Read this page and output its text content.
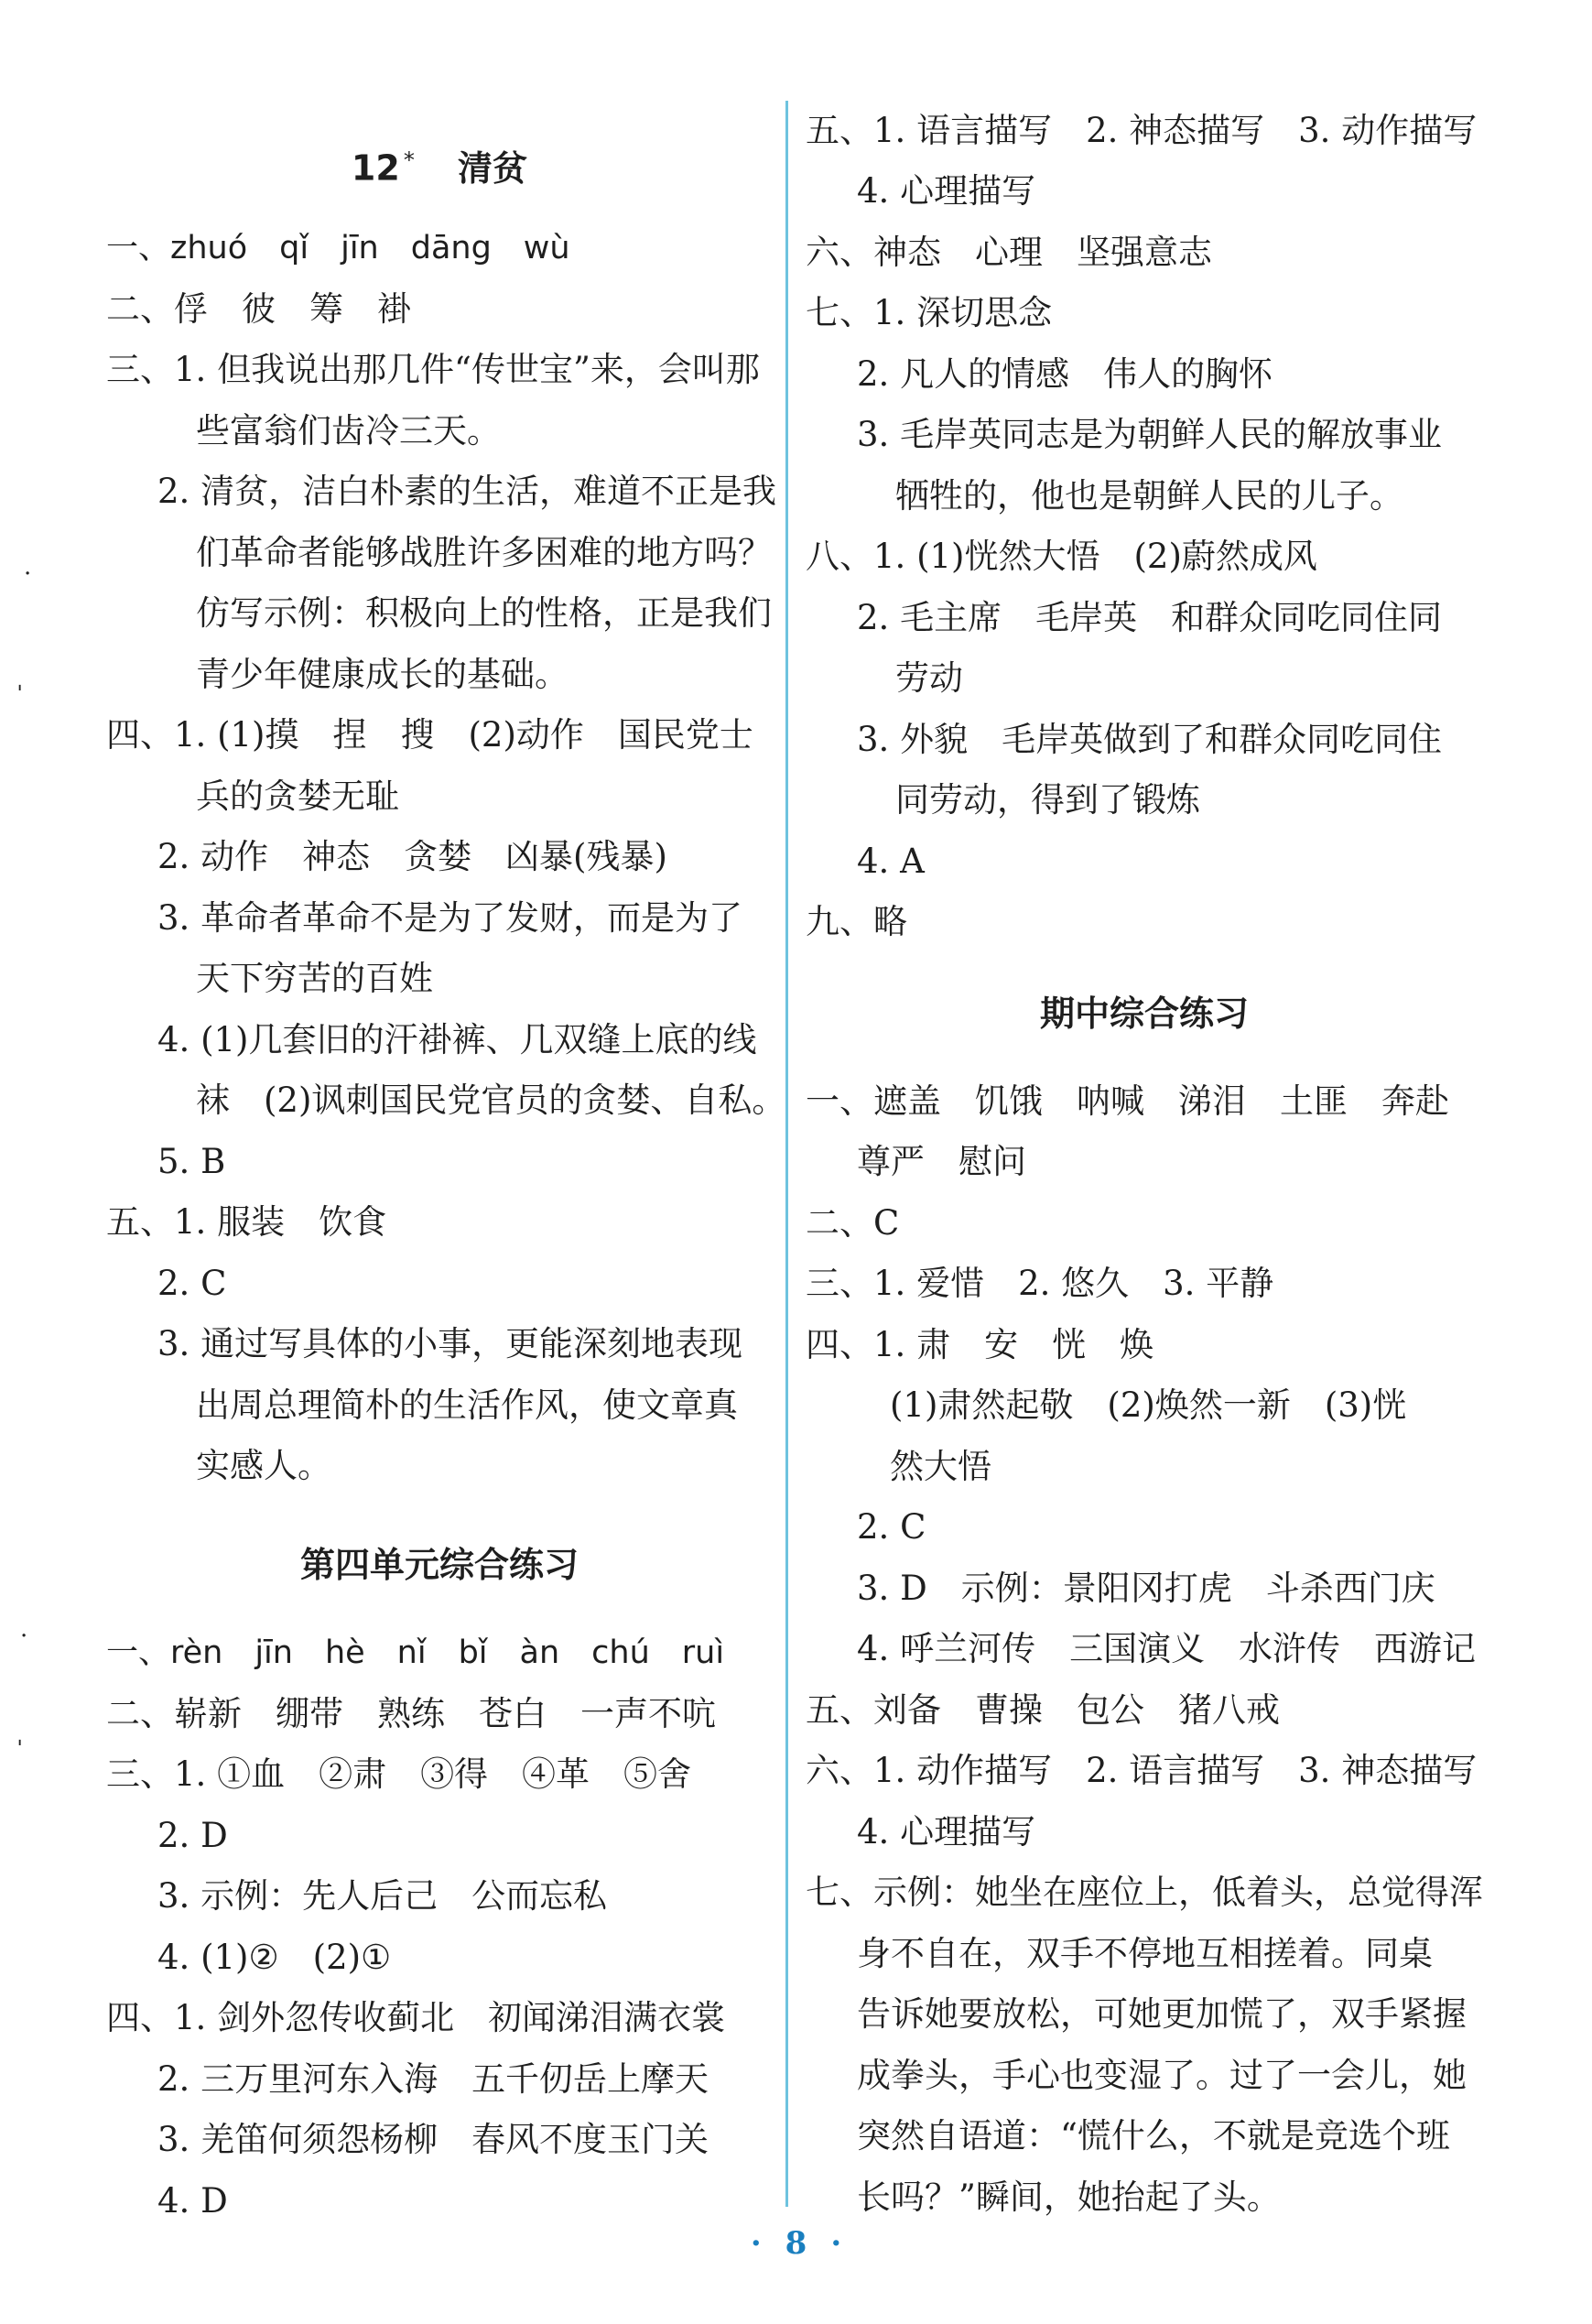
12 * 清贫
一、zhuó　qǐ　jīn　dāng　wù
二、俘　彼　筹　褂
三、1. 但我说出那几件“传世宝”来，会叫那
些富翁们齿冷三天。
2. 清贫，洁白朴素的生活，难道不正是我
们革命者能够战胜许多困难的地方吗？
仿写示例：积极向上的性格，正是我们
青少年健康成长的基础。
四、1. (1)摸　捏　搜　(2)动作　国民党士
兵的贪婪无耻
2. 动作　神态　贪婪　凶暴(残暴)
3. 革命者革命不是为了发财，而是为了
天下穷苦的百姓
4. (1)几套旧的汗褂裤、几双缝上底的线
袜　(2)讽刺国民党官员的贪婪、自私。
5. B
五、1. 服装　饮食
2. C
3. 通过写具体的小事，更能深刻地表现
出周总理简朴的生活作风，使文章真
实感人。
第四单元综合练习
一、rèn　jīn　hè　nǐ　bǐ　àn　chú　ruì
二、崭新　绷带　熟练　苍白　一声不吭
三、1. ①血　②肃　③得　④革　⑤舍
2. D
3. 示例：先人后己　公而忘私
4. (1)②　(2)①
四、1. 剑外忽传收蓟北　初闻涕泪满衣裳
2. 三万里河东入海　五千仞岳上摩天
3. 羌笛何须怨杨柳　春风不度玉门关
4. D
五、1. 语言描写　2. 神态描写　3. 动作描写
4. 心理描写
六、神态　心理　坚强意志
七、1. 深切思念
2. 凡人的情感　伟人的胸怀
3. 毛岸英同志是为朝鲜人民的解放事业
牺牲的，他也是朝鲜人民的儿子。
八、1. (1)恍然大悟　(2)蔚然成风
2. 毛主席　毛岸英　和群众同吃同住同
劳动
3. 外貌　毛岸英做到了和群众同吃同住
同劳动，得到了锻炼
4. A
九、略
期中综合练习
一、遮盖　饥饿　呐喊　涕泪　土匪　奔赴
尊严　慰问
二、C
三、1. 爱惜　2. 悠久　3. 平静
四、1. 肃　安　恍　焕
(1)肃然起敬　(2)焕然一新　(3)恍
然大悟
2. C
3. D　示例：景阳冈打虎　斗杀西门庆
4. 呼兰河传　三国演义　水浒传　西游记
五、刘备　曹操　包公　猪八戒
六、1. 动作描写　2. 语言描写　3. 神态描写
4. 心理描写
七、示例：她坐在座位上，低着头，总觉得浑
身不自在，双手不停地互相搓着。同桌
告诉她要放松，可她更加慌了，双手紧握
成拳头，手心也变湿了。过了一会儿，她
突然自语道：“慌什么，不就是竞选个班
长吗？”瞬间，她抬起了头。
·
ˌ
·
ˌ
· 8 ·
